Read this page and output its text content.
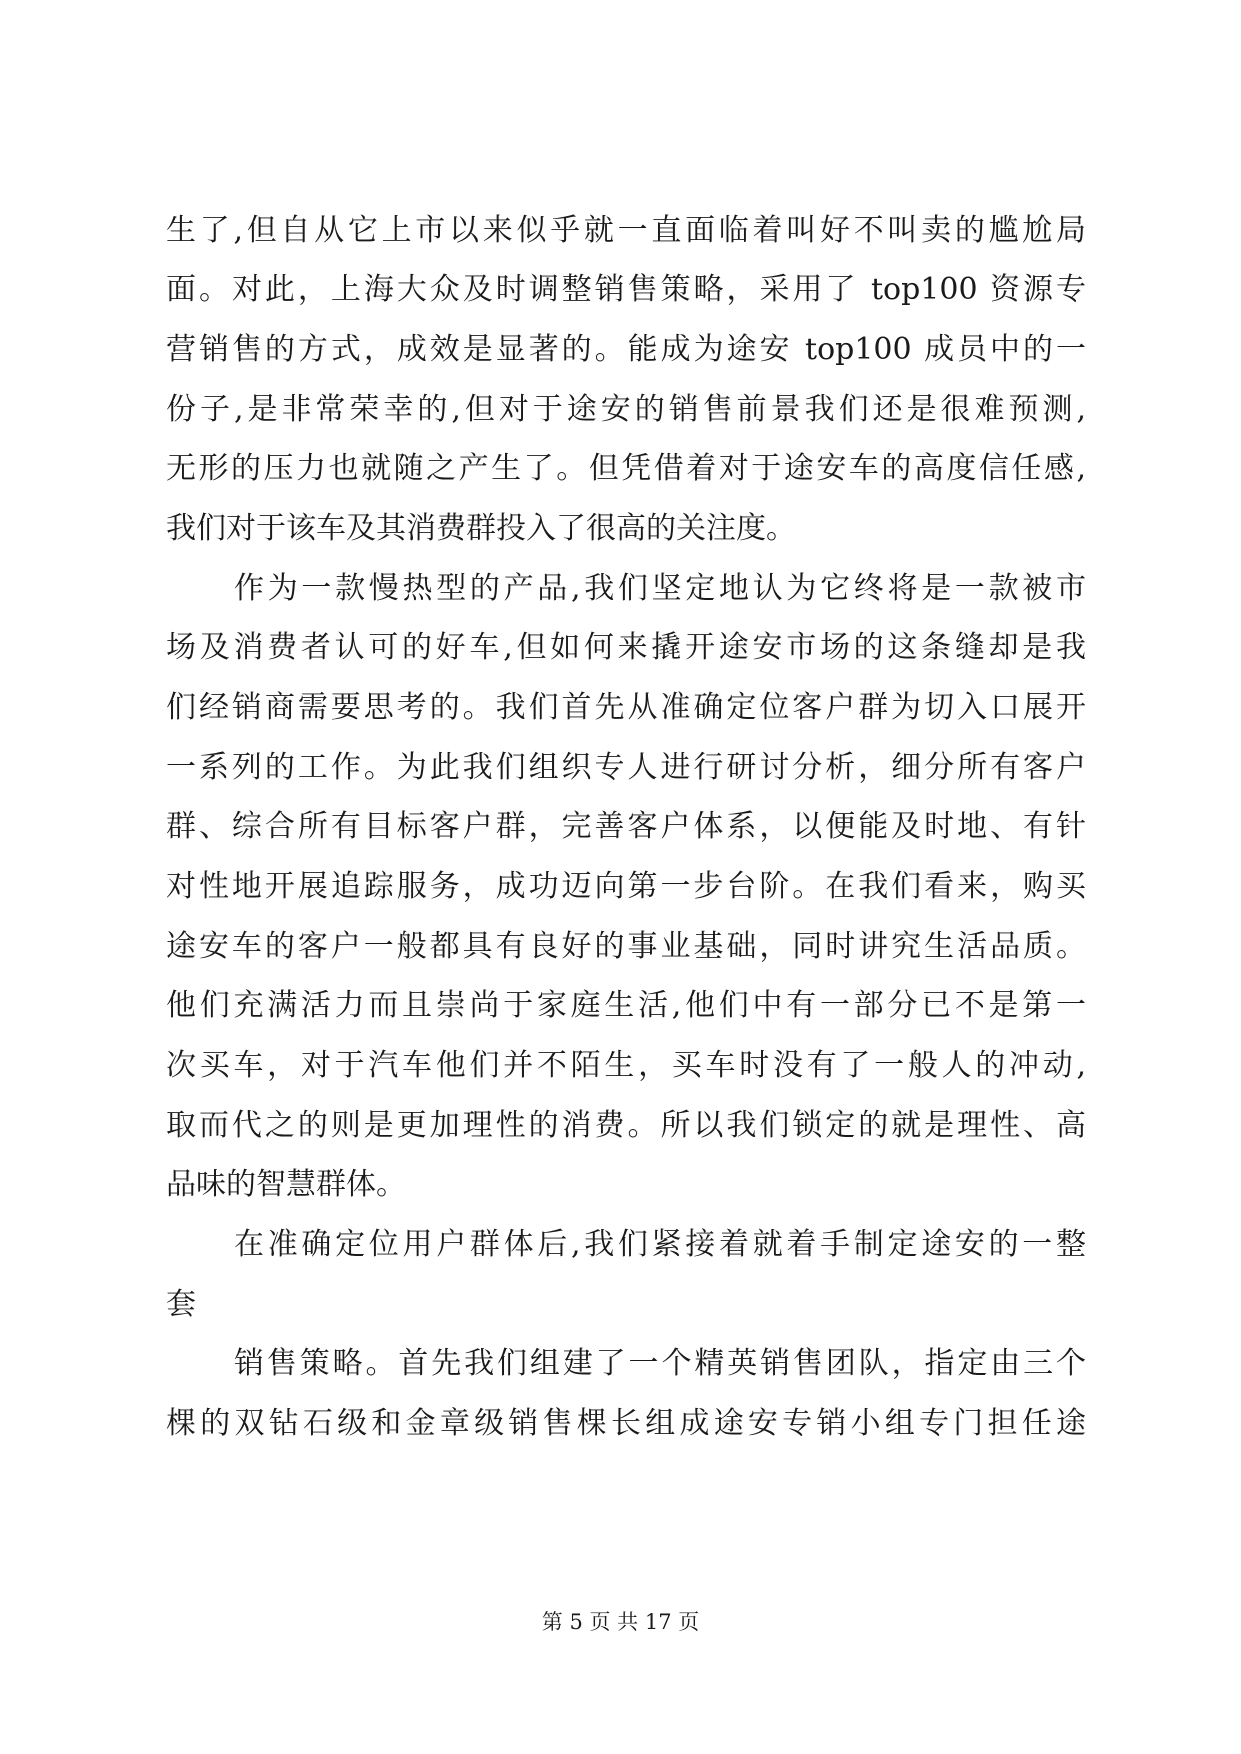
生了,但自从它上市以来似乎就一直面临着叫好不叫卖的尴尬局
面。对此，上海大众及时调整销售策略，采用了 top100 资源专
营销售的方式，成效是显著的。能成为途安 top100 成员中的一
份子,是非常荣幸的,但对于途安的销售前景我们还是很难预测,
无形的压力也就随之产生了。但凭借着对于途安车的高度信任感,
我们对于该车及其消费群投入了很高的关注度。
作为一款慢热型的产品,我们坚定地认为它终将是一款被市
场及消费者认可的好车,但如何来撬开途安市场的这条缝却是我
们经销商需要思考的。我们首先从准确定位客户群为切入口展开
一系列的工作。为此我们组织专人进行研讨分析，细分所有客户
群、综合所有目标客户群，完善客户体系，以便能及时地、有针
对性地开展追踪服务，成功迈向第一步台阶。在我们看来，购买
途安车的客户一般都具有良好的事业基础，同时讲究生活品质。
他们充满活力而且崇尚于家庭生活,他们中有一部分已不是第一
次买车，对于汽车他们并不陌生，买车时没有了一般人的冲动,
取而代之的则是更加理性的消费。所以我们锁定的就是理性、高
品味的智慧群体。
在准确定位用户群体后,我们紧接着就着手制定途安的一整
套
销售策略。首先我们组建了一个精英销售团队，指定由三个
棵的双钻石级和金章级销售棵长组成途安专销小组专门担任途
第 5 页 共 17 页
